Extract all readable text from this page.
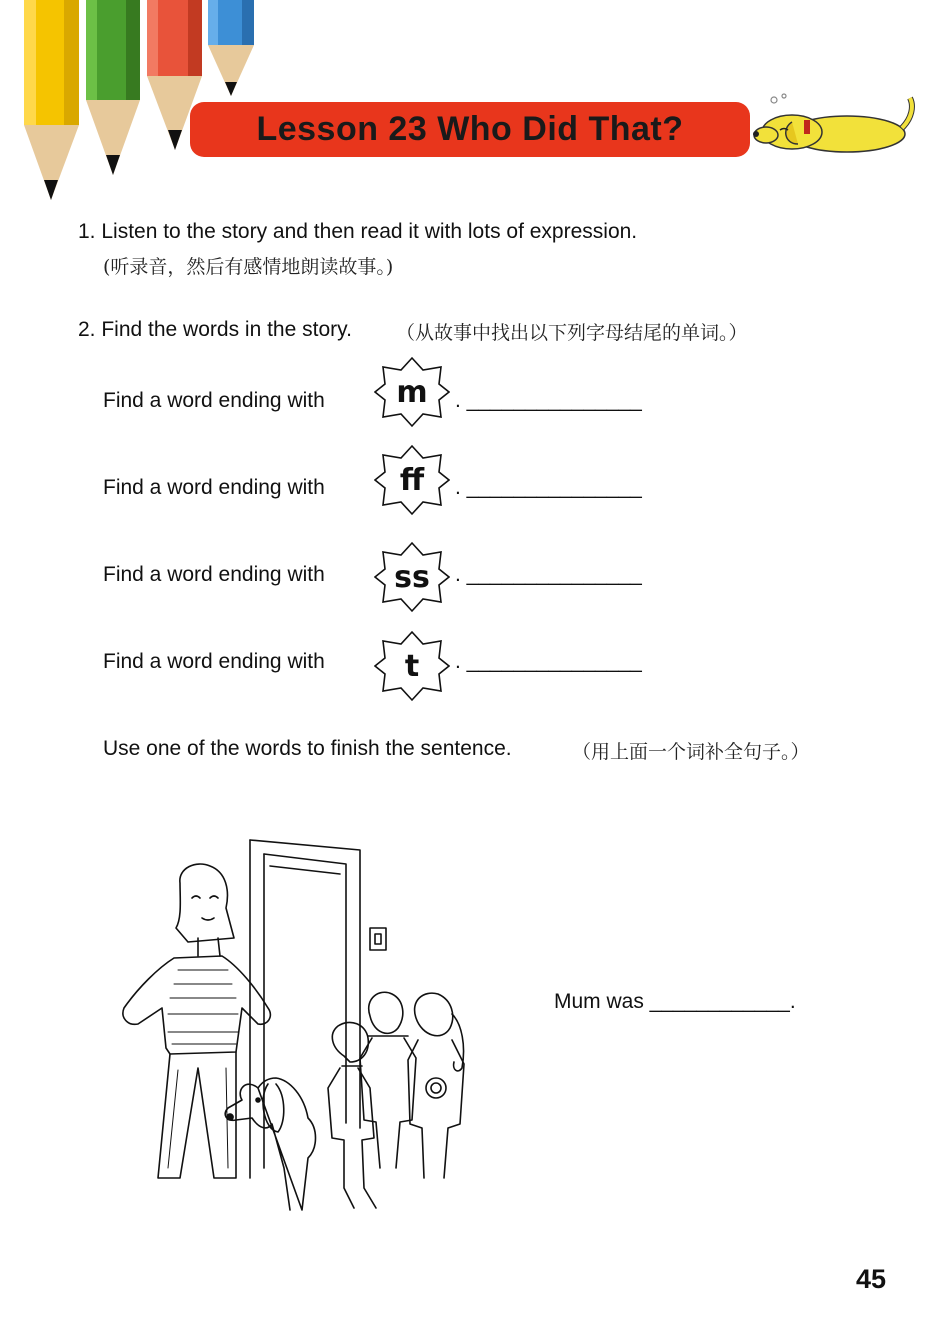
Lesson 23 Who Did That?
1. Listen to the story and then read it with lots of expression.
(听录音，然后有感情地朗读故事。)
2. Find the words in the story. （从故事中找出以下列字母结尾的单词。）
Find a word ending with	m	. _______________
Find a word ending with	ff	. _______________
Find a word ending with	ss	. _______________
Find a word ending with	t	. _______________
Use one of the words to finish the sentence.	（用上面一个词补全句子。）
Mum was ____________.
45
